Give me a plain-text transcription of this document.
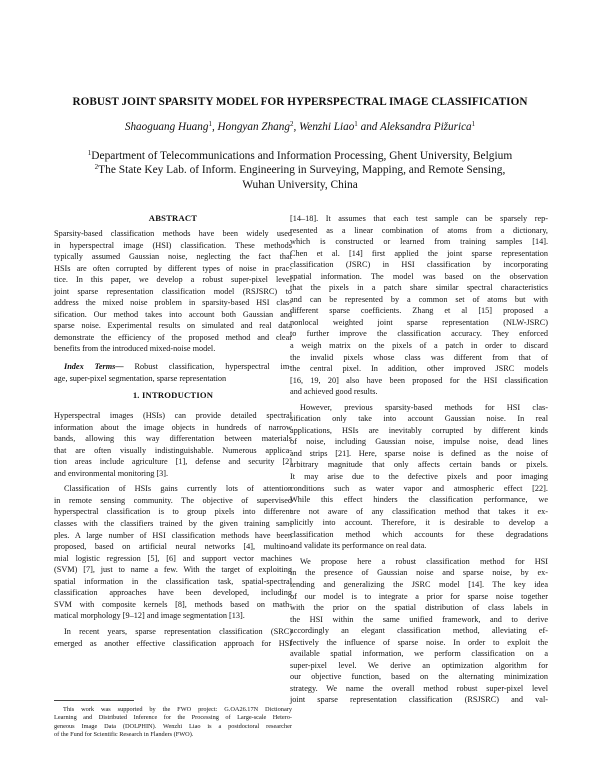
ROBUST JOINT SPARSITY MODEL FOR HYPERSPECTRAL IMAGE CLASSIFICATION
Shaoguang Huang$^1$, Hongyan Zhang$^2$, Wenzhi Liao$^1$ and Aleksandra Pižurica$^1$
$^1$Department of Telecommunications and Information Processing, Ghent University, Belgium
$^2$The State Key Lab. of Inform. Engineering in Surveying, Mapping, and Remote Sensing,
Wuhan University, China
ABSTRACT
Sparsity-based classification methods have been widely used
in hyperspectral image (HSI) classification. These methods
typically assumed Gaussian noise, neglecting the fact that
HSIs are often corrupted by different types of noise in prac-
tice. In this paper, we develop a robust super-pixel level
joint sparse representation classification model (RSJSRC) to
address the mixed noise problem in sparsity-based HSI clas-
sification. Our method takes into account both Gaussian and
sparse noise. Experimental results on simulated and real data
demonstrate the efficiency of the proposed method and clear
benefits from the introduced mixed-noise model.
Index Terms— Robust classification, hyperspectral im-
age, super-pixel segmentation, sparse representation
1. INTRODUCTION
Hyperspectral images (HSIs) can provide detailed spectral
information about the image objects in hundreds of narrow
bands, allowing this way differentation between materials
that are often visually indistinguishable. Numerous applica-
tion areas include agriculture [1], defense and security [2]
and environmental monitoring [3].
Classification of HSIs gains currently lots of attention
in remote sensing community. The objective of supervised
hyperspectral classification is to group pixels into different
classes with the classifiers trained by the given training sam-
ples. A large number of HSI classification methods have been
proposed, based on artificial neural networks [4], multino-
mial logistic regression [5], [6] and support vector machines
(SVM) [7], just to name a few. With the target of exploiting
spatial information in the classification task, spatial-spectral
classification approaches have been developed, including
SVM with composite kernels [8], methods based on math-
matical morphology [9–12] and image segmentation [13].
In recent years, sparse representation classification (SRC)
emerged as another effective classification approach for HSI
This work was supported by the FWO project: G.OA26.17N Dictionary
Learning and Distributed Inference for the Processing of Large-scale Hetero-
geneous Image Data (DOLPHIN). Wenzhi Liao is a postdoctoral researcher
of the Fund for Scientific Research in Flanders (FWO).
[14–18]. It assumes that each test sample can be sparsely rep-
resented as a linear combination of atoms from a dictionary,
which is constructed or learned from training samples [14].
Chen et al. [14] first applied the joint sparse representation
classification (JSRC) in HSI classification by incorporating
spatial information. The model was based on the observation
that the pixels in a patch share similar spectral characteristics
and can be represented by a common set of atoms but with
different sparse coefficients. Zhang et al [15] proposed a
nonlocal weighted joint sparse representation (NLW-JSRC)
to further improve the classification accuracy. They enforced
a weigh matrix on the pixels of a patch in order to discard
the invalid pixels whose class was different from that of
the central pixel. In addition, other improved JSRC models
[16, 19, 20] also have been proposed for the HSI classification
and achieved good results.
However, previous sparsity-based methods for HSI clas-
sification only take into account Gaussian noise. In real
applications, HSIs are inevitably corrupted by different kinds
of noise, including Gaussian noise, impulse noise, dead lines
and strips [21]. Here, sparse noise is defined as the noise of
arbitrary magnitude that only affects certain bands or pixels.
It may arise due to the defective pixels and poor imaging
conditions such as water vapor and atmospheric effect [22].
While this effect hinders the classification performance, we
are not aware of any classification method that takes it ex-
plicitly into account. Therefore, it is desirable to develop a
classification method which accounts for these degradations
and validate its performance on real data.
We propose here a robust classification method for HSI
in the presence of Gaussian noise and sparse noise, by ex-
tending and generalizing the JSRC model [14]. The key idea
of our model is to integrate a prior for sparse noise together
with the prior on the spatial distribution of class labels in
the HSI within the same unified framework, and to derive
accordingly an elegant classification method, alleviating ef-
fectively the influence of sparse noise. In order to exploit the
available spatial information, we perform classification on a
super-pixel level. We derive an optimization algorithm for
our objective function, based on the alternating minimization
strategy. We name the overall method robust super-pixel level
joint sparse representation classification (RSJSRC) and val-
